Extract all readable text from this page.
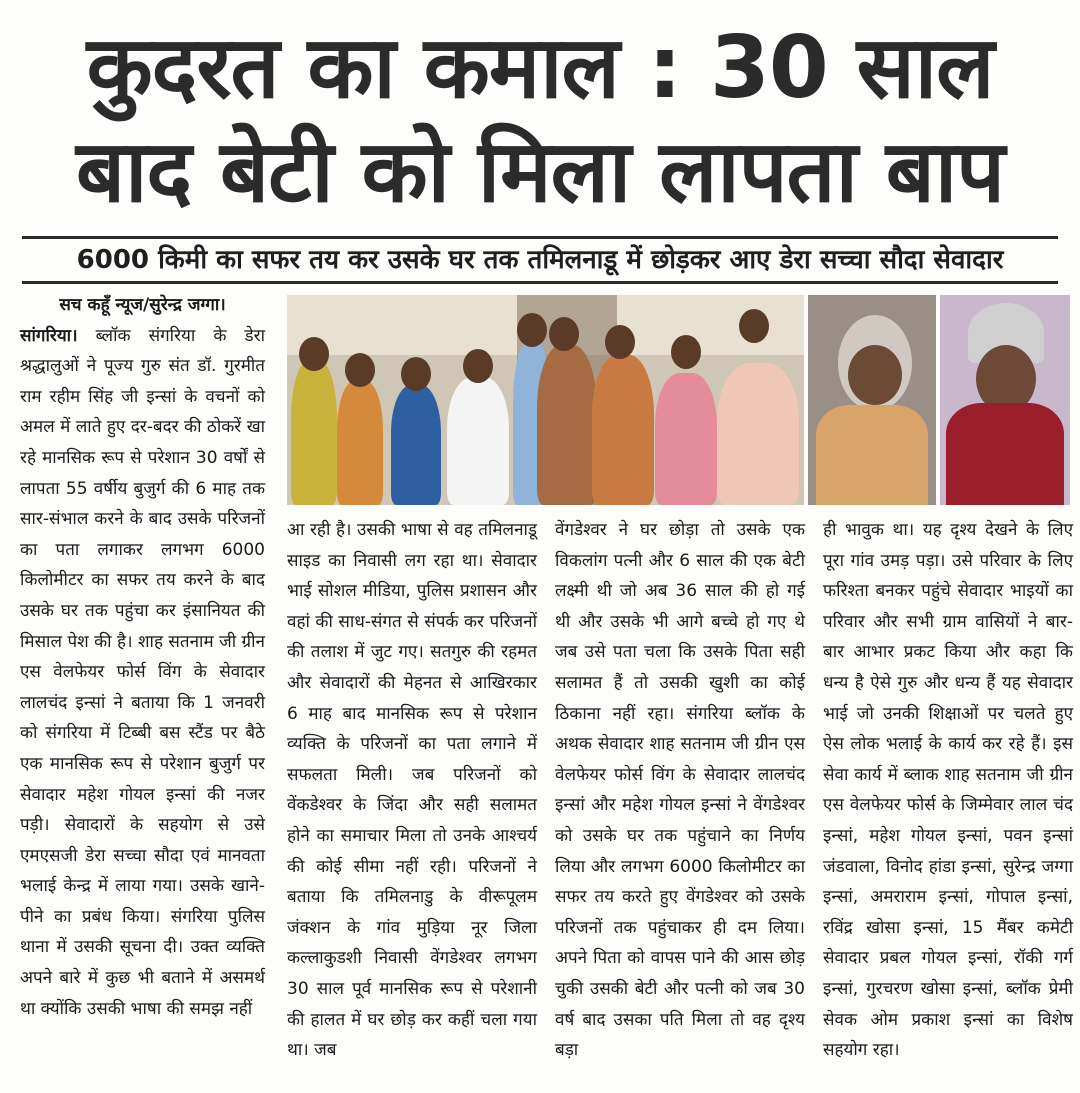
कुदरत का कमाल : 30 साल
बाद बेटी को मिला लापता बाप
6000 किमी का सफर तय कर उसके घर तक तमिलनाडू में छोड़कर आए डेरा सच्चा सौदा सेवादार

सच कहूँ न्यूज/सुरेन्द्र जग्गा।

सांगरिया। ब्लॉक संगरिया के डेरा श्रद्धालुओं ने पूज्य गुरु संत डॉ. गुरमीत राम रहीम सिंह जी इन्सां के वचनों को अमल में लाते हुए दर-बदर की ठोकरें खा रहे मानसिक रूप से परेशान 30 वर्षों से लापता 55 वर्षीय बुजुर्ग की 6 माह तक सार-संभाल करने के बाद उसके परिजनों का पता लगाकर लगभग 6000 किलोमीटर का सफर तय करने के बाद उसके घर तक पहुंचा कर इंसानियत की मिसाल पेश की है। शाह सतनाम जी ग्रीन एस वेलफेयर फोर्स विंग के सेवादार लालचंद इन्सां ने बताया कि 1 जनवरी को संगरिया में टिब्बी बस स्टैंड पर बैठे एक मानसिक रूप से परेशान बुजुर्ग पर सेवादार महेश गोयल इन्सां की नजर पड़ी। सेवादारों के सहयोग से उसे एमएसजी डेरा सच्चा सौदा एवं मानवता भलाई केन्द्र में लाया गया। उसके खाने-पीने का प्रबंध किया। संगरिया पुलिस थाना में उसकी सूचना दी। उक्त व्यक्ति अपने बारे में कुछ भी बताने में असमर्थ था क्योंकि उसकी भाषा की समझ नहीं

आ रही है। उसकी भाषा से वह तमिलनाडू साइड का निवासी लग रहा था। सेवादार भाई सोशल मीडिया, पुलिस प्रशासन और वहां की साध-संगत से संपर्क कर परिजनों की तलाश में जुट गए। सतगुरु की रहमत और सेवादारों की मेहनत से आखिरकार 6 माह बाद मानसिक रूप से परेशान व्यक्ति के परिजनों का पता लगाने में सफलता मिली। जब परिजनों को वेंकडेश्वर के जिंदा और सही सलामत होने का समाचार मिला तो उनके आश्चर्य की कोई सीमा नहीं रही। परिजनों ने बताया कि तमिलनाडु के वीरूपूलम जंक्शन के गांव मुड़िया नूर जिला कल्लाकुडशी निवासी वेंगडेश्वर लगभग 30 साल पूर्व मानसिक रूप से परेशानी की हालत में घर छोड़ कर कहीं चला गया था। जब

वेंगडेश्वर ने घर छोड़ा तो उसके एक विकलांग पत्नी और 6 साल की एक बेटी लक्ष्मी थी जो अब 36 साल की हो गई थी और उसके भी आगे बच्चे हो गए थे जब उसे पता चला कि उसके पिता सही सलामत हैं तो उसकी खुशी का कोई ठिकाना नहीं रहा। संगरिया ब्लॉक के अथक सेवादार शाह सतनाम जी ग्रीन एस वेलफेयर फोर्स विंग के सेवादार लालचंद इन्सां और महेश गोयल इन्सां ने वेंगडेश्वर को उसके घर तक पहुंचाने का निर्णय लिया और लगभग 6000 किलोमीटर का सफर तय करते हुए वेंगडेश्वर को उसके परिजनों तक पहुंचाकर ही दम लिया। अपने पिता को वापस पाने की आस छोड़ चुकी उसकी बेटी और पत्नी को जब 30 वर्ष बाद उसका पति मिला तो वह दृश्य बड़ा

ही भावुक था। यह दृश्य देखने के लिए पूरा गांव उमड़ पड़ा। उसे परिवार के लिए फरिश्ता बनकर पहुंचे सेवादार भाइयों का परिवार और सभी ग्राम वासियों ने बार-बार आभार प्रकट किया और कहा कि धन्य है ऐसे गुरु और धन्य हैं यह सेवादार भाई जो उनकी शिक्षाओं पर चलते हुए ऐस लोक भलाई के कार्य कर रहे हैं। इस सेवा कार्य में ब्लाक शाह सतनाम जी ग्रीन एस वेलफेयर फोर्स के जिम्मेवार लाल चंद इन्सां, महेश गोयल इन्सां, पवन इन्सां जंडवाला, विनोद हांडा इन्सां, सुरेन्द्र जग्गा इन्सां, अमराराम इन्सां, गोपाल इन्सां, रविंद्र खोसा इन्सां, 15 मैंबर कमेटी सेवादार प्रबल गोयल इन्सां, रॉकी गर्ग इन्सां, गुरचरण खोसा इन्सां, ब्लॉक प्रेमी सेवक ओम प्रकाश इन्सां का विशेष सहयोग रहा।
